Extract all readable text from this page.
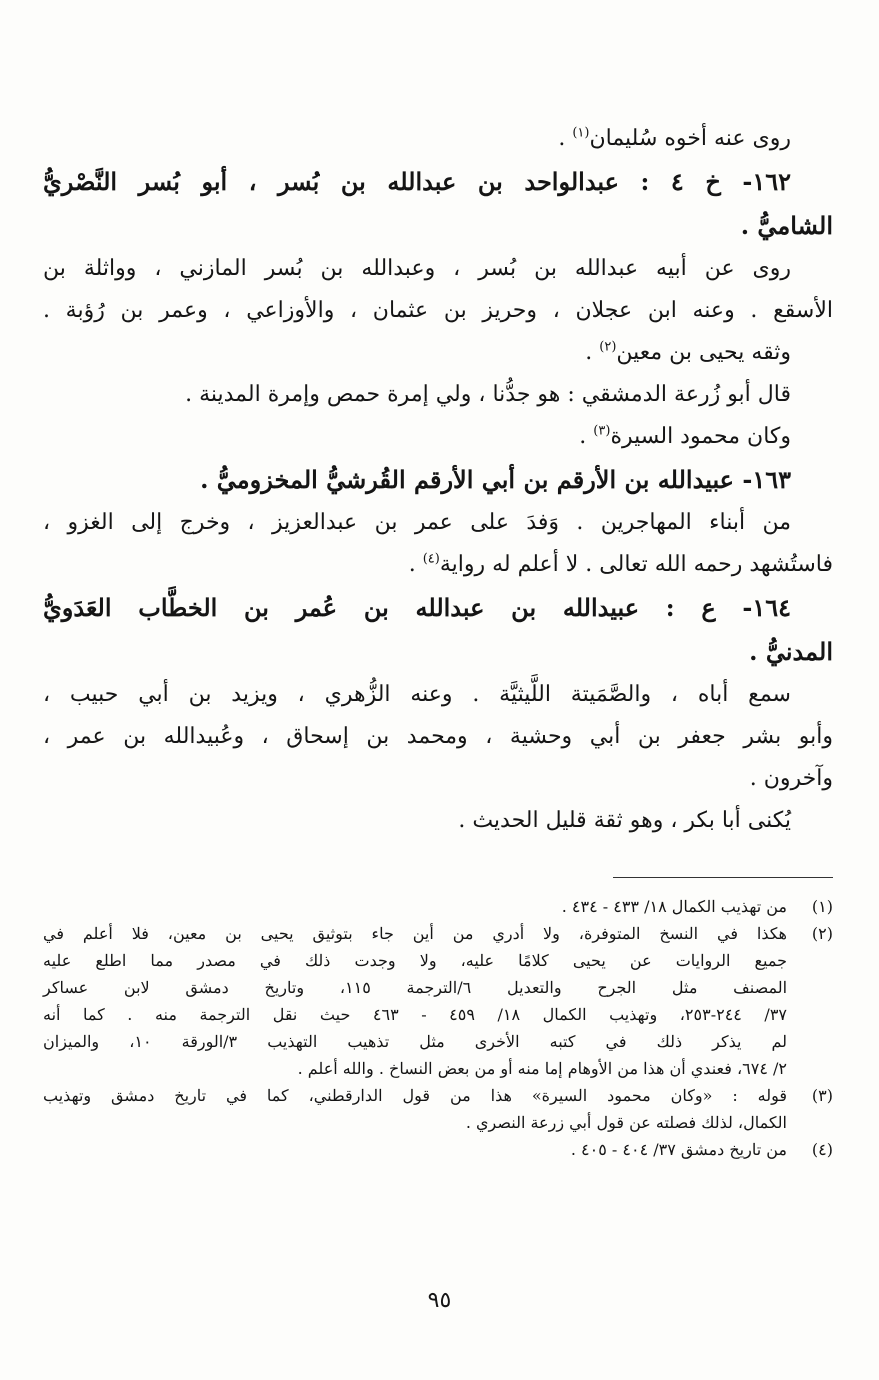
روى عنه أخوه سُليمان$^{(١)}$ .
١٦٢- خ ٤ : عبدالواحد بن عبدالله بن بُسر ، أبو بُسر النَّصْريُّ
الشاميُّ .
روى عن أبيه عبدالله بن بُسر ، وعبدالله بن بُسر المازني ، وواثلة بن
الأسقع . وعنه ابن عجلان ، وحريز بن عثمان ، والأوزاعي ، وعمر بن رُؤبة .
وثقه يحيى بن معين$^{(٢)}$ .
قال أبو زُرعة الدمشقي : هو جدُّنا ، ولي إمرة حمص وإمرة المدينة .
وكان محمود السيرة$^{(٣)}$ .
١٦٣- عبيدالله بن الأرقم بن أبي الأرقم القُرشيُّ المخزوميُّ .
من أبناء المهاجرين . وَفدَ على عمر بن عبدالعزيز ، وخرج إلى الغزو ،
فاستُشهد رحمه الله تعالى . لا أعلم له رواية$^{(٤)}$ .
١٦٤- ع : عبيدالله بن عبدالله بن عُمر بن الخطَّاب العَدَويُّ
المدنيُّ .
سمع أباه ، والصَّمَيتة اللَّيثيَّة . وعنه الزُّهري ، ويزيد بن أبي حبيب ،
وأبو بشر جعفر بن أبي وحشية ، ومحمد بن إسحاق ، وعُبيدالله بن عمر ،
وآخرون .
يُكنى أبا بكر ، وهو ثقة قليل الحديث .
(١)
من تهذيب الكمال ١٨/ ٤٣٣ - ٤٣٤ .
(٢)
هكذا في النسخ المتوفرة، ولا أدري من أين جاء بتوثيق يحيى بن معين، فلا أعلم في
جميع الروايات عن يحيى كلامًا عليه، ولا وجدت ذلك في مصدر مما اطلع عليه
المصنف مثل الجرح والتعديل ٦/الترجمة ١١٥، وتاريخ دمشق لابن عساكر
٣٧/ ٢٤٤-٢٥٣، وتهذيب الكمال ١٨/ ٤٥٩ - ٤٦٣ حيث نقل الترجمة منه . كما أنه
لم يذكر ذلك في كتبه الأخرى مثل تذهيب التهذيب ٣/الورقة ١٠، والميزان
٢/ ٦٧٤، فعندي أن هذا من الأوهام إما منه أو من بعض النساخ . والله أعلم .
(٣)
قوله : «وكان محمود السيرة» هذا من قول الدارقطني، كما في تاريخ دمشق وتهذيب
الكمال، لذلك فصلته عن قول أبي زرعة النصري .
(٤)
من تاريخ دمشق ٣٧/ ٤٠٤ - ٤٠٥ .
٩٥
